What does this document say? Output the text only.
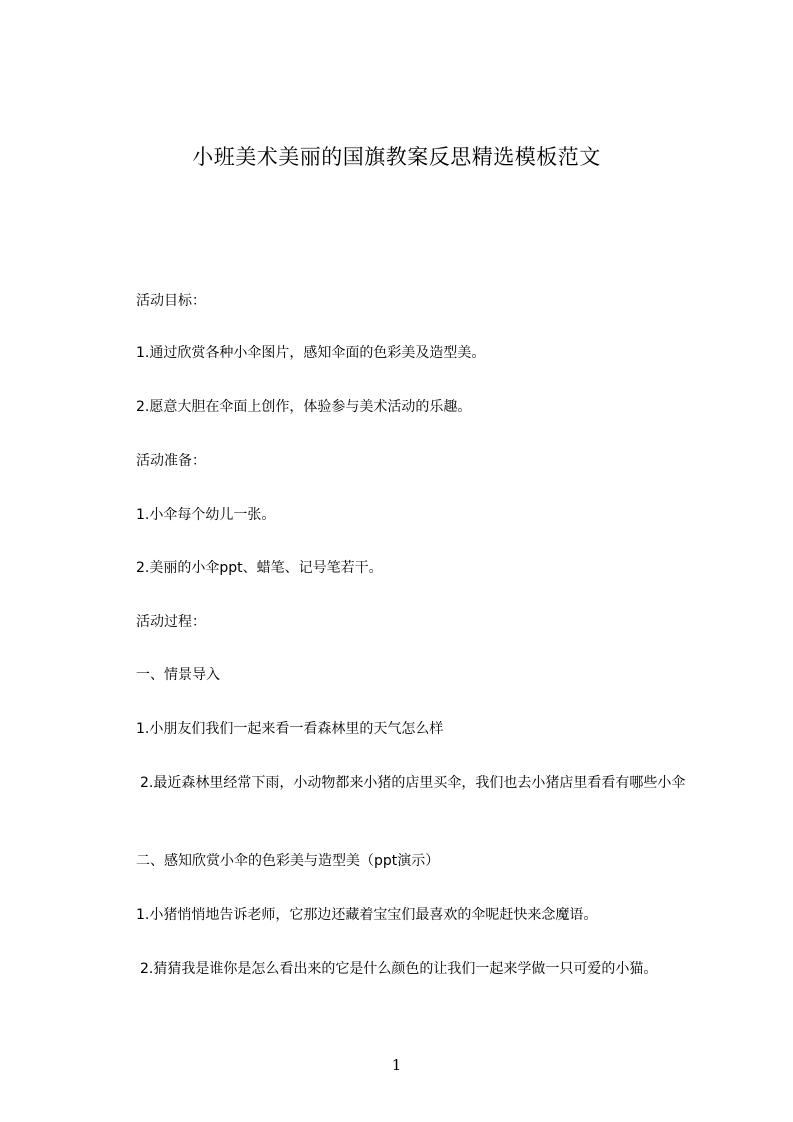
小班美术美丽的国旗教案反思精选模板范文
活动目标：
1.通过欣赏各种小伞图片，感知伞面的色彩美及造型美。
2.愿意大胆在伞面上创作，体验参与美术活动的乐趣。
活动准备：
1.小伞每个幼儿一张。
2.美丽的小伞ppt、蜡笔、记号笔若干。
活动过程：
一、情景导入
1.小朋友们我们一起来看一看森林里的天气怎么样
2.最近森林里经常下雨，小动物都来小猪的店里买伞，我们也去小猪店里看看有哪些小伞
二、感知欣赏小伞的色彩美与造型美（ppt演示）
1.小猪悄悄地告诉老师，它那边还藏着宝宝们最喜欢的伞呢赶快来念魔语。
2.猜猜我是谁你是怎么看出来的它是什么颜色的让我们一起来学做一只可爱的小猫。
1
